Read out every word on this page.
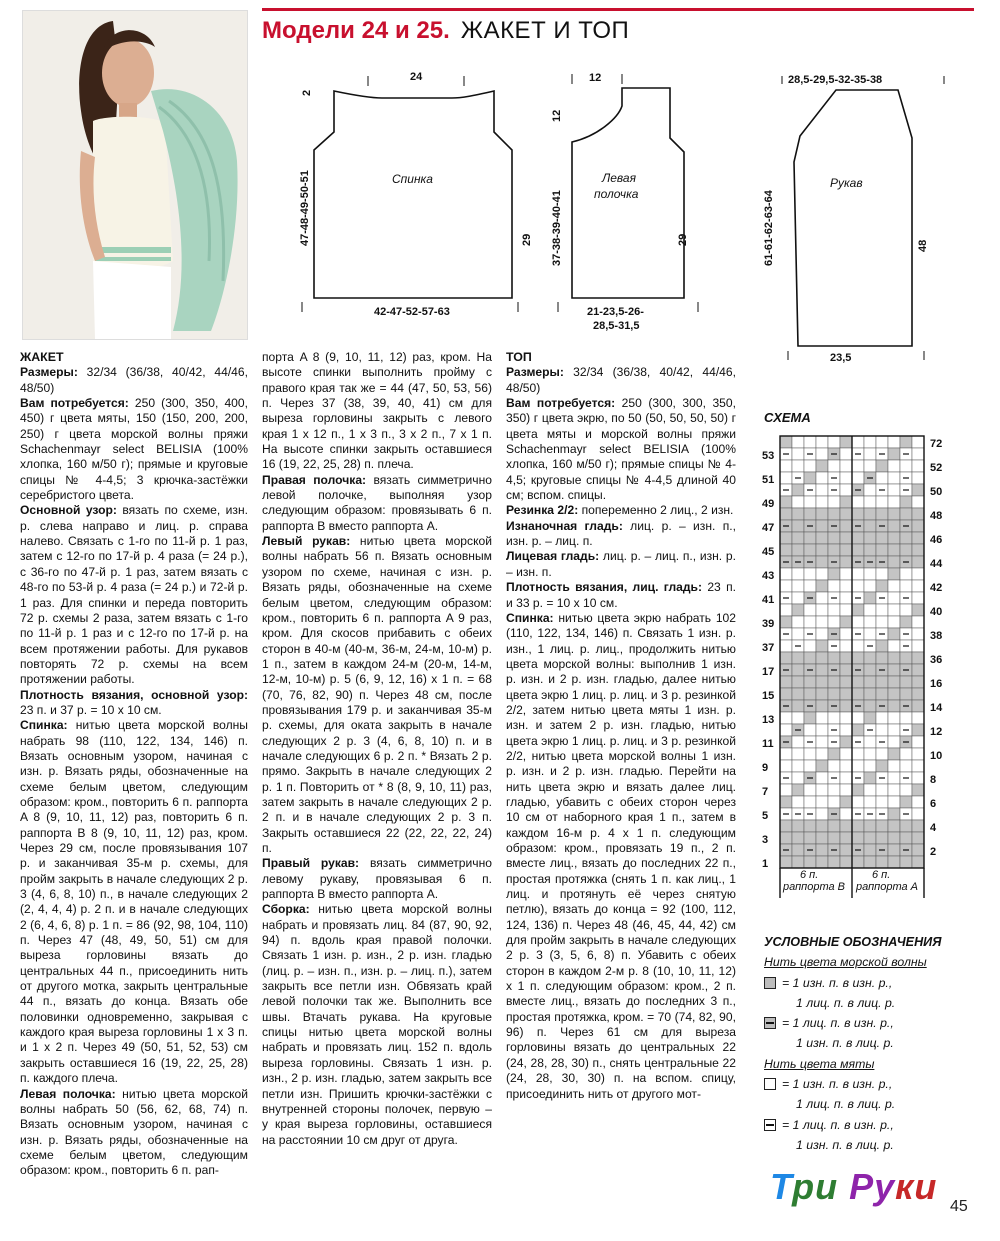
Модели 24 и 25. ЖАКЕТ И ТОП
24
2
47-48-49-50-51	29
42-47-52-57-63
12
12
37-38-39-40-41	29
21-23,5-26-
28,5-31,5
28,5-29,5-32-35-38
61-61-62-63-64	48
23,5
Спинка	Левая
полочка
Рукав

ЖАКЕТ

Размеры: 32/34 (36/38, 40/42, 44/46, 48/50)

Вам потребуется: 250 (300, 350, 400, 450) г цвета мяты, 150 (150, 200, 200, 250) г цвета морской волны пряжи Schachenmayr select BELISIA (100% хлопка, 160 м/50 г); прямые и круговые спицы № 4-4,5; 3 крючка-застёжки серебристого цвета.

Основной узор: вязать по схеме, изн. р. слева направо и лиц. р. справа налево. Связать с 1-го по 11-й р. 1 раз, затем с 12-го по 17-й р. 4 раза (= 24 р.), с 36-го по 47-й р. 1 раз, затем вязать с 48-го по 53-й р. 4 раза (= 24 р.) и 72-й р. 1 раз. Для спинки и переда повторить 72 р. схемы 2 раза, затем вязать с 1-го по 11-й р. 1 раз и с 12-го по 17-й р. на всем протяжении работы. Для рукавов повторять 72 р. схемы на всем протяжении работы.

Плотность вязания, основной узор: 23 п. и 37 р. = 10 х 10 см.

Спинка: нитью цвета морской волны набрать 98 (110, 122, 134, 146) п. Вязать основным узором, начиная с изн. р. Вязать ряды, обозначенные на схеме белым цветом, следующим образом: кром., повторить 6 п. раппорта A 8 (9, 10, 11, 12) раз, повторить 6 п. раппорта B 8 (9, 10, 11, 12) раз, кром. Через 29 см, после провязывания 107 р. и заканчивая 35-м р. схемы, для пройм закрыть в начале следующих 2 р. 3 (4, 6, 8, 10) п., в начале следующих 2 (2, 4, 4, 4) р. 2 п. и в начале следующих 2 (6, 4, 6, 8) р. 1 п. = 86 (92, 98, 104, 110) п. Через 47 (48, 49, 50, 51) см для выреза горловины вязать до центральных 44 п., присоединить нить от другого мотка, закрыть центральные 44 п., вязать до конца. Вязать обе половинки одновременно, закрывая с каждого края выреза горловины 1 х 3 п. и 1 х 2 п. Через 49 (50, 51, 52, 53) см закрыть оставшиеся 16 (19, 22, 25, 28) п. каждого плеча.

Левая полочка: нитью цвета морской волны набрать 50 (56, 62, 68, 74) п. Вязать основным узором, начиная с изн. р. Вязать ряды, обозначенные на схеме белым цветом, следующим образом: кром., повторить 6 п. рап-

порта A 8 (9, 10, 11, 12) раз, кром. На высоте спинки выполнить пройму с правого края так же = 44 (47, 50, 53, 56) п. Через 37 (38, 39, 40, 41) см для выреза горловины закрыть с левого края 1 х 12 п., 1 х 3 п., 3 х 2 п., 7 х 1 п. На высоте спинки закрыть оставшиеся 16 (19, 22, 25, 28) п. плеча.

Правая полочка: вязать симметрично левой полочке, выполняя узор следующим образом: провязывать 6 п. раппорта B вместо раппорта A.

Левый рукав: нитью цвета морской волны набрать 56 п. Вязать основным узором по схеме, начиная с изн. р. Вязать ряды, обозначенные на схеме белым цветом, следующим образом: кром., повторить 6 п. раппорта A 9 раз, кром. Для скосов прибавить с обеих сторон в 40-м (40-м, 36-м, 24-м, 10-м) р. 1 п., затем в каждом 24-м (20-м, 14-м, 12-м, 10-м) р. 5 (6, 9, 12, 16) х 1 п. = 68 (70, 76, 82, 90) п. Через 48 см, после провязывания 179 р. и заканчивая 35-м р. схемы, для оката закрыть в начале следующих 2 р. 3 (4, 6, 8, 10) п. и в начале следующих 6 р. 2 п. * Вязать 2 р. прямо. Закрыть в начале следующих 2 р. 1 п. Повторить от * 8 (8, 9, 10, 11) раз, затем закрыть в начале следующих 2 р. 2 п. и в начале следующих 2 р. 3 п. Закрыть оставшиеся 22 (22, 22, 22, 24) п.

Правый рукав: вязать симметрично левому рукаву, провязывая 6 п. раппорта B вместо раппорта A.

Сборка: нитью цвета морской волны набрать и провязать лиц. 84 (87, 90, 92, 94) п. вдоль края правой полочки. Связать 1 изн. р. изн., 2 р. изн. гладью (лиц. р. – изн. п., изн. р. – лиц. п.), затем закрыть все петли изн. Обвязать край левой полочки так же. Выполнить все швы. Втачать рукава. На круговые спицы нитью цвета морской волны набрать и провязать лиц. 152 п. вдоль выреза горловины. Связать 1 изн. р. изн., 2 р. изн. гладью, затем закрыть все петли изн. Пришить крючки-застёжки с внутренней стороны полочек, первую – у края выреза горловины, оставшиеся на расстоянии 10 см друг от друга.

ТОП

Размеры: 32/34 (36/38, 40/42, 44/46, 48/50)

Вам потребуется: 250 (300, 300, 350, 350) г цвета экрю, по 50 (50, 50, 50, 50) г цвета мяты и морской волны пряжи Schachenmayr select BELISIA (100% хлопка, 160 м/50 г); прямые спицы № 4-4,5; круговые спицы № 4-4,5 длиной 40 см; вспом. спицы.

Резинка 2/2: попеременно 2 лиц., 2 изн.

Изнаночная гладь: лиц. р. – изн. п., изн. р. – лиц. п.

Лицевая гладь: лиц. р. – лиц. п., изн. р. – изн. п.

Плотность вязания, лиц. гладь: 23 п. и 33 р. = 10 х 10 см.

Спинка: нитью цвета экрю набрать 102 (110, 122, 134, 146) п. Связать 1 изн. р. изн., 1 лиц. р. лиц., продолжить нитью цвета морской волны: выполнив 1 изн. р. изн. и 2 р. изн. гладью, далее нитью цвета экрю 1 лиц. р. лиц. и 3 р. резинкой 2/2, затем нитью цвета мяты 1 изн. р. изн. и затем 2 р. изн. гладью, нитью цвета экрю 1 лиц. р. лиц. и 3 р. резинкой 2/2, нитью цвета морской волны 1 изн. р. изн. и 2 р. изн. гладью. Перейти на нить цвета экрю и вязать далее лиц. гладью, убавить с обеих сторон через 10 см от наборного края 1 п., затем в каждом 16-м р. 4 х 1 п. следующим образом: кром., провязать 19 п., 2 п. вместе лиц., вязать до последних 22 п., простая протяжка (снять 1 п. как лиц., 1 лиц. и протянуть её через снятую петлю), вязать до конца = 92 (100, 112, 124, 136) п. Через 48 (46, 45, 44, 42) см для пройм закрыть в начале следующих 2 р. 3 (3, 5, 6, 8) п. Убавить с обеих сторон в каждом 2-м р. 8 (10, 10, 11, 12) х 1 п. следующим образом: кром., 2 п. вместе лиц., вязать до последних 3 п., простая протяжка, кром. = 70 (74, 82, 90, 96) п. Через 61 см для выреза горловины вязать до центральных 22 (24, 28, 28, 30) п., снять центральные 22 (24, 28, 30, 30) п. на вспом. спицу, присоединить нить от другого мот-

СХЕМА
6 п.
раппорта B
6 п.
раппорта A
53
51
49
47
45
43
41
39
37
17
15
13
11
9
7
5
3
1
72
52
50
48
46
44
42
40
38
36
16
14
12
10
8
6
4
2
УСЛОВНЫЕ ОБОЗНАЧЕНИЯ
Нить цвета морской волны
= 1 изн. п. в изн. р.,
1 лиц. п. в лиц. р.
= 1 лиц. п. в изн. р.,
1 изн. п. в лиц. р.
Нить цвета мяты
= 1 изн. п. в изн. р.,
1 лиц. п. в лиц. р.
= 1 лиц. п. в изн. р.,
1 изн. п. в лиц. р.
Три Руки 45
